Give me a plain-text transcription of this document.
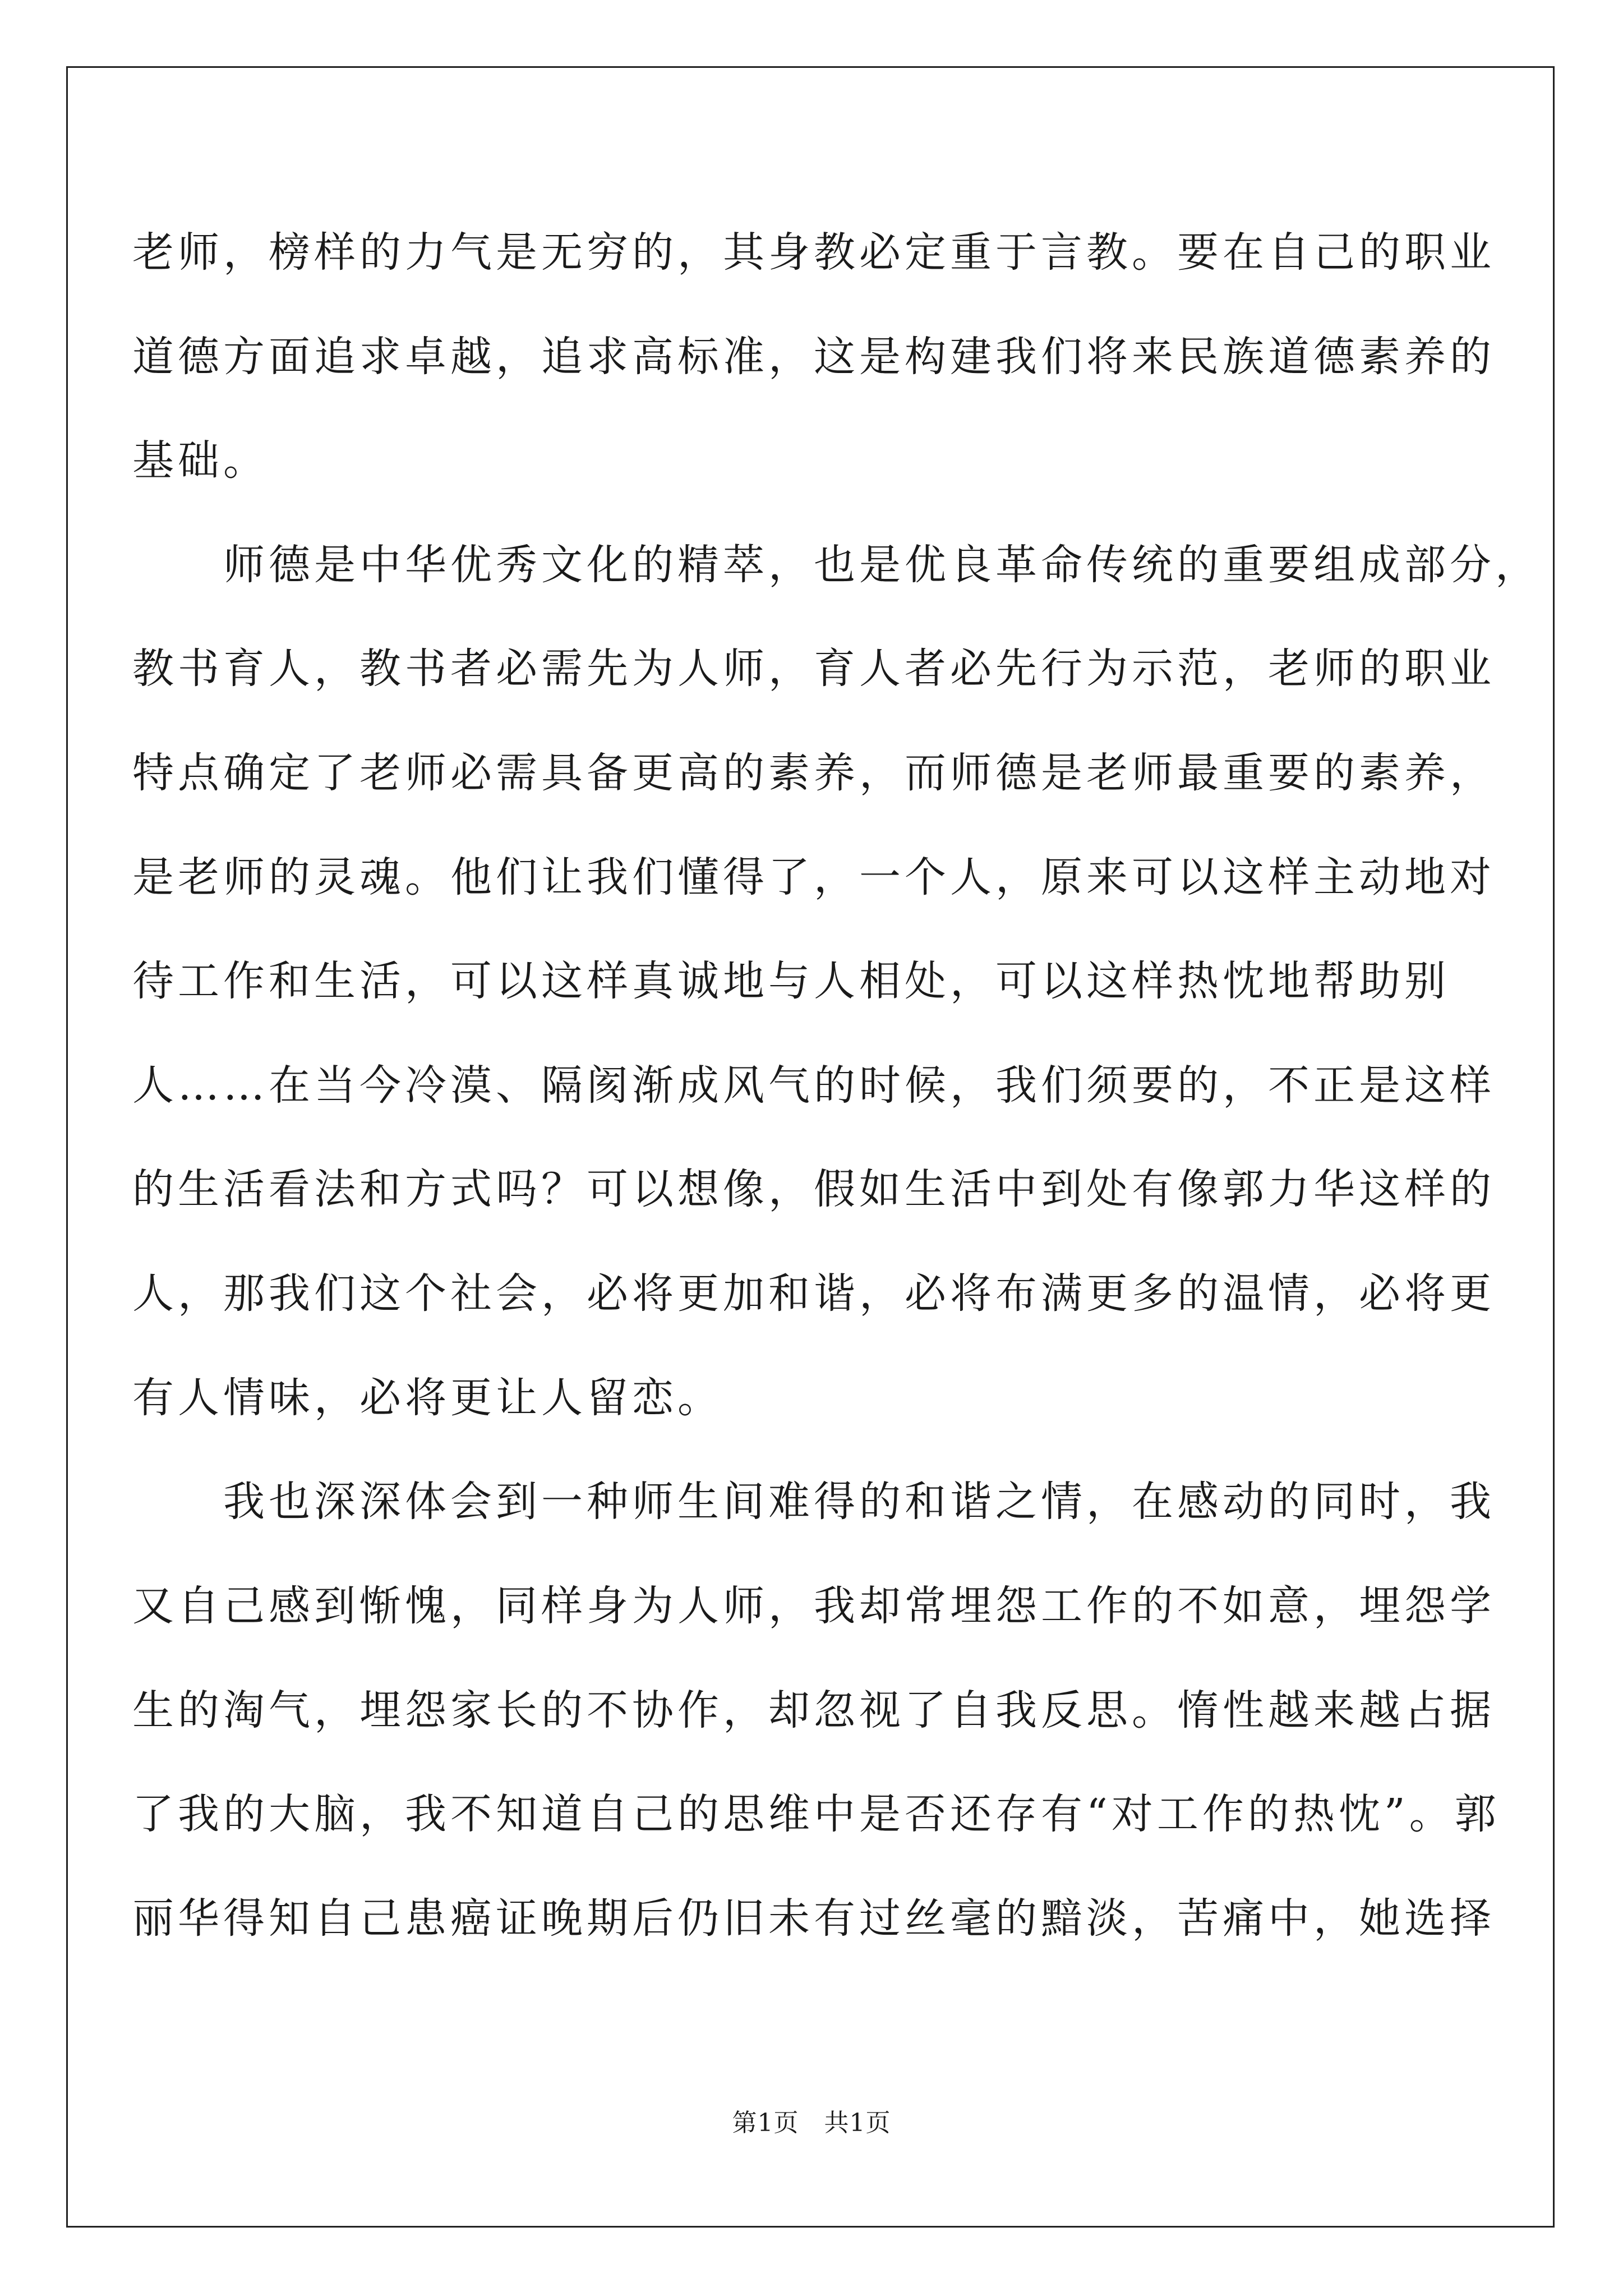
老师，榜样的力气是无穷的，其身教必定重于言教。要在自己的职业
道德方面追求卓越，追求高标准，这是构建我们将来民族道德素养的
基础。
　　师德是中华优秀文化的精萃，也是优良革命传统的重要组成部分，
教书育人，教书者必需先为人师，育人者必先行为示范，老师的职业
特点确定了老师必需具备更高的素养，而师德是老师最重要的素养，
是老师的灵魂。他们让我们懂得了，一个人，原来可以这样主动地对
待工作和生活，可以这样真诚地与人相处，可以这样热忱地帮助别
人……在当今冷漠、隔阂渐成风气的时候，我们须要的，不正是这样
的生活看法和方式吗？可以想像，假如生活中到处有像郭力华这样的
人，那我们这个社会，必将更加和谐，必将布满更多的温情，必将更
有人情味，必将更让人留恋。
　　我也深深体会到一种师生间难得的和谐之情，在感动的同时，我
又自己感到惭愧，同样身为人师，我却常埋怨工作的不如意，埋怨学
生的淘气，埋怨家长的不协作，却忽视了自我反思。惰性越来越占据
了我的大脑，我不知道自己的思维中是否还存有“对工作的热忱”。郭
丽华得知自己患癌证晚期后仍旧未有过丝毫的黯淡，苦痛中，她选择
第1页　共1页
